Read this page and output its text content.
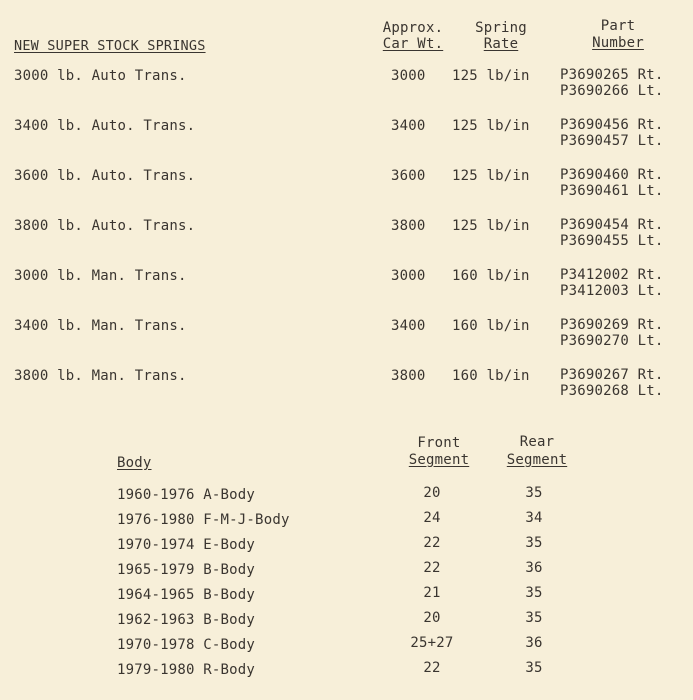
NEW SUPER STOCK SPRINGS
Approx.
Car Wt.
Spring
Rate
Part
Number
3000 lb. Auto Trans.	3000 125 lb/in P3690265 Rt.
P3690266 Lt.
3400 lb. Auto. Trans.	3400 125 lb/in P3690456 Rt.
P3690457 Lt.
3600 lb. Auto. Trans.	3600 125 lb/in P3690460 Rt.
P3690461 Lt.
3800 lb. Auto. Trans.	3800 125 lb/in P3690454 Rt.
P3690455 Lt.
3000 lb. Man. Trans.	3000 160 lb/in P3412002 Rt.
P3412003 Lt.
3400 lb. Man. Trans.	3400 160 lb/in P3690269 Rt.
P3690270 Lt.
3800 lb. Man. Trans.	3800 160 lb/in P3690267 Rt.
P3690268 Lt.
Body
Front
Segment
Rear
Segment
1960-1976 A-Body	20	35
1976-1980 F-M-J-Body	24	34
1970-1974 E-Body	22	35
1965-1979 B-Body	22	36
1964-1965 B-Body	21	35
1962-1963 B-Body	20	35
1970-1978 C-Body	25+27	36
1979-1980 R-Body	22	35
